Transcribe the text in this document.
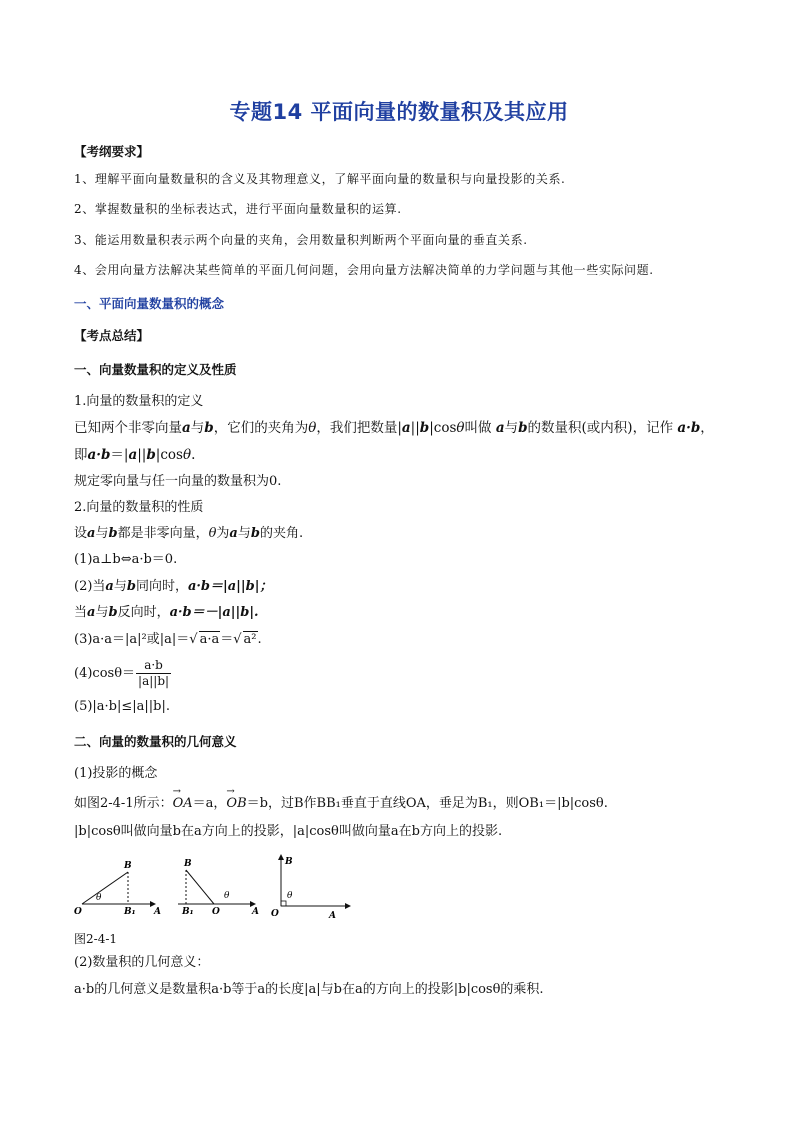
专题14 平面向量的数量积及其应用
【考纲要求】
1、理解平面向量数量积的含义及其物理意义，了解平面向量的数量积与向量投影的关系.
2、掌握数量积的坐标表达式，进行平面向量数量积的运算.
3、能运用数量积表示两个向量的夹角，会用数量积判断两个平面向量的垂直关系.
4、会用向量方法解决某些简单的平面几何问题，会用向量方法解决简单的力学问题与其他一些实际问题.
一、平面向量数量积的概念
【考点总结】
一、向量数量积的定义及性质
1.向量的数量积的定义
已知两个非零向量a与b，它们的夹角为θ，我们把数量|a||b|cosθ叫做 a与b的数量积(或内积)，记作 a·b，
即a·b＝|a||b|cosθ.
规定零向量与任一向量的数量积为0.
2.向量的数量积的性质
设a与b都是非零向量，θ为a与b的夹角.
(1)a⊥b⇔a·b＝0.
(2)当a与b同向时，a·b＝|a||b|；
当a与b反向时，a·b＝－|a||b|.
(3)a·a＝|a|²或|a|＝√ a·a＝√ a².
$(4)\cos\theta= \frac{a\cdot b}{|a||b|}$
(5)|a·b|≤|a||b|.
二、向量的数量积的几何意义
(1)投影的概念
如图2-4-1所示：→ OA＝a，→ OB＝b，过B作BB₁垂直于直线OA，垂足为B₁，则OB₁＝|b|cosθ.
|b|cosθ叫做向量b在a方向上的投影，|a|cosθ叫做向量a在b方向上的投影.
B
O	B₁ A
θ
B
B₁ O	A
θ
B
O	A
θ
图2-4-1
(2)数量积的几何意义：
a·b的几何意义是数量积a·b等于a的长度|a|与b在a的方向上的投影|b|cosθ的乘积.
